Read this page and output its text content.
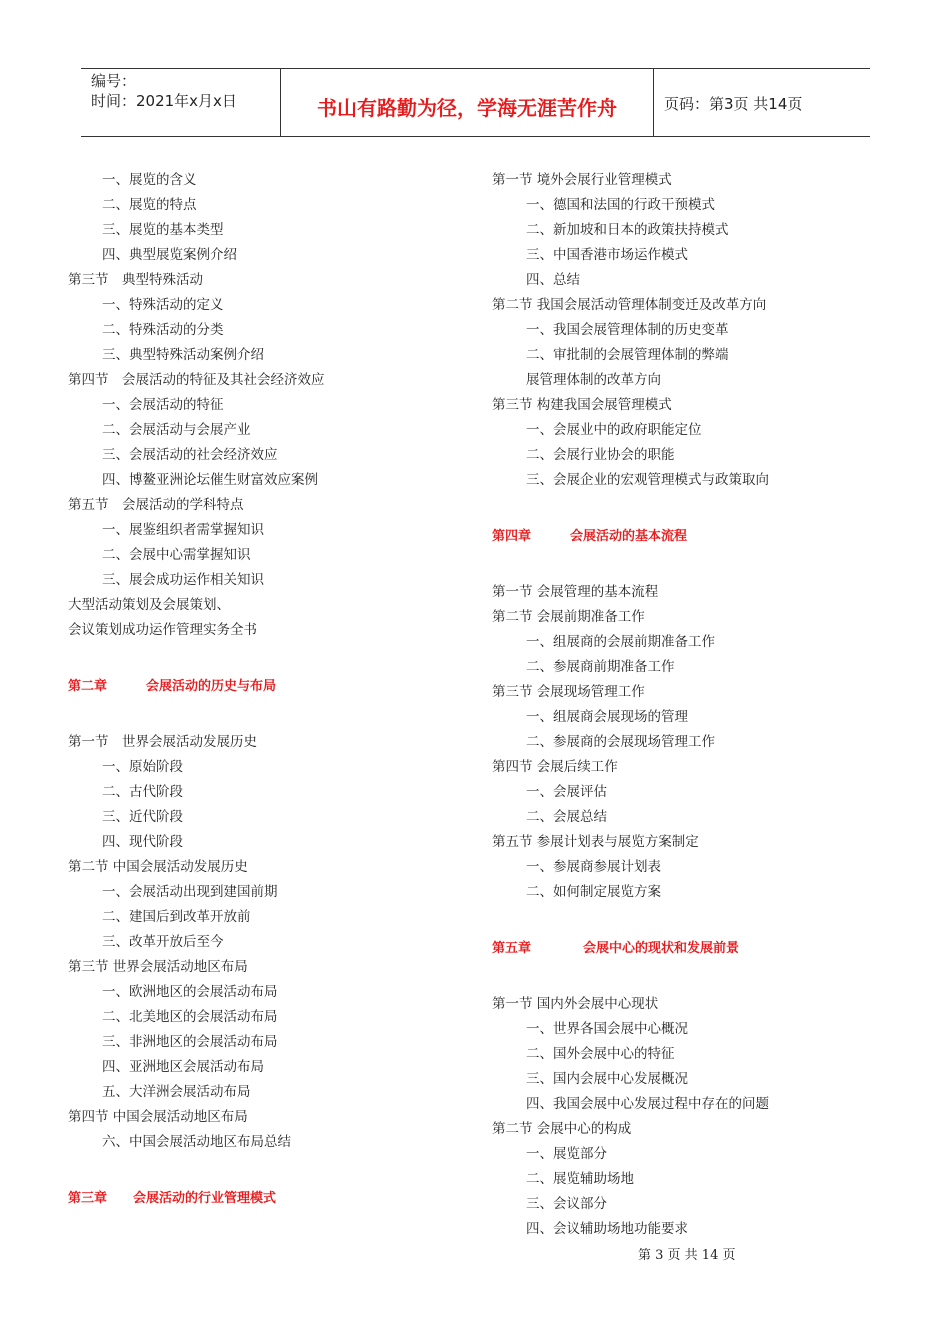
编号：
时间：2021年x月x日	书山有路勤为径，学海无涯苦作舟	页码：第3页 共14页
一、展览的含义
二、展览的特点
三、展览的基本类型
四、典型展览案例介绍
第三节　典型特殊活动
一、特殊活动的定义
二、特殊活动的分类
三、典型特殊活动案例介绍
第四节　会展活动的特征及其社会经济效应
一、会展活动的特征
二、会展活动与会展产业
三、会展活动的社会经济效应
四、博鳌亚洲论坛催生财富效应案例
第五节　会展活动的学科特点
一、展鉴组织者需掌握知识
二、会展中心需掌握知识
三、展会成功运作相关知识
大型活动策划及会展策划、
会议策划成功运作管理实务全书
第二章　　　会展活动的历史与布局
第一节　世界会展活动发展历史
一、原始阶段
二、古代阶段
三、近代阶段
四、现代阶段
第二节 中国会展活动发展历史
一、会展活动出现到建国前期
二、建国后到改革开放前
三、改革开放后至今
第三节 世界会展活动地区布局
一、欧洲地区的会展活动布局
二、北美地区的会展活动布局
三、非洲地区的会展活动布局
四、亚洲地区会展活动布局
五、大洋洲会展活动布局
第四节 中国会展活动地区布局
六、中国会展活动地区布局总结
第三章　　会展活动的行业管理模式
第一节 境外会展行业管理模式
一、德国和法国的行政干预模式
二、新加坡和日本的政策扶持模式
三、中国香港市场运作模式
四、总结
第二节 我国会展活动管理体制变迁及改革方向
一、我国会展管理体制的历史变革
二、审批制的会展管理体制的弊端
展管理体制的改革方向
第三节 构建我国会展管理模式
一、会展业中的政府职能定位
二、会展行业协会的职能
三、会展企业的宏观管理模式与政策取向
第四章　　　会展活动的基本流程
第一节 会展管理的基本流程
第二节 会展前期准备工作
一、组展商的会展前期准备工作
二、参展商前期准备工作
第三节 会展现场管理工作
一、组展商会展现场的管理
二、参展商的会展现场管理工作
第四节 会展后续工作
一、会展评估
二、会展总结
第五节 参展计划表与展览方案制定
一、参展商参展计划表
二、如何制定展览方案
第五章　　　　会展中心的现状和发展前景
第一节 国内外会展中心现状
一、世界各国会展中心概况
二、国外会展中心的特征
三、国内会展中心发展概况
四、我国会展中心发展过程中存在的问题
第二节 会展中心的构成
一、展览部分
二、展览辅助场地
三、会议部分
四、会议辅助场地功能要求
第 3 页 共 14 页
